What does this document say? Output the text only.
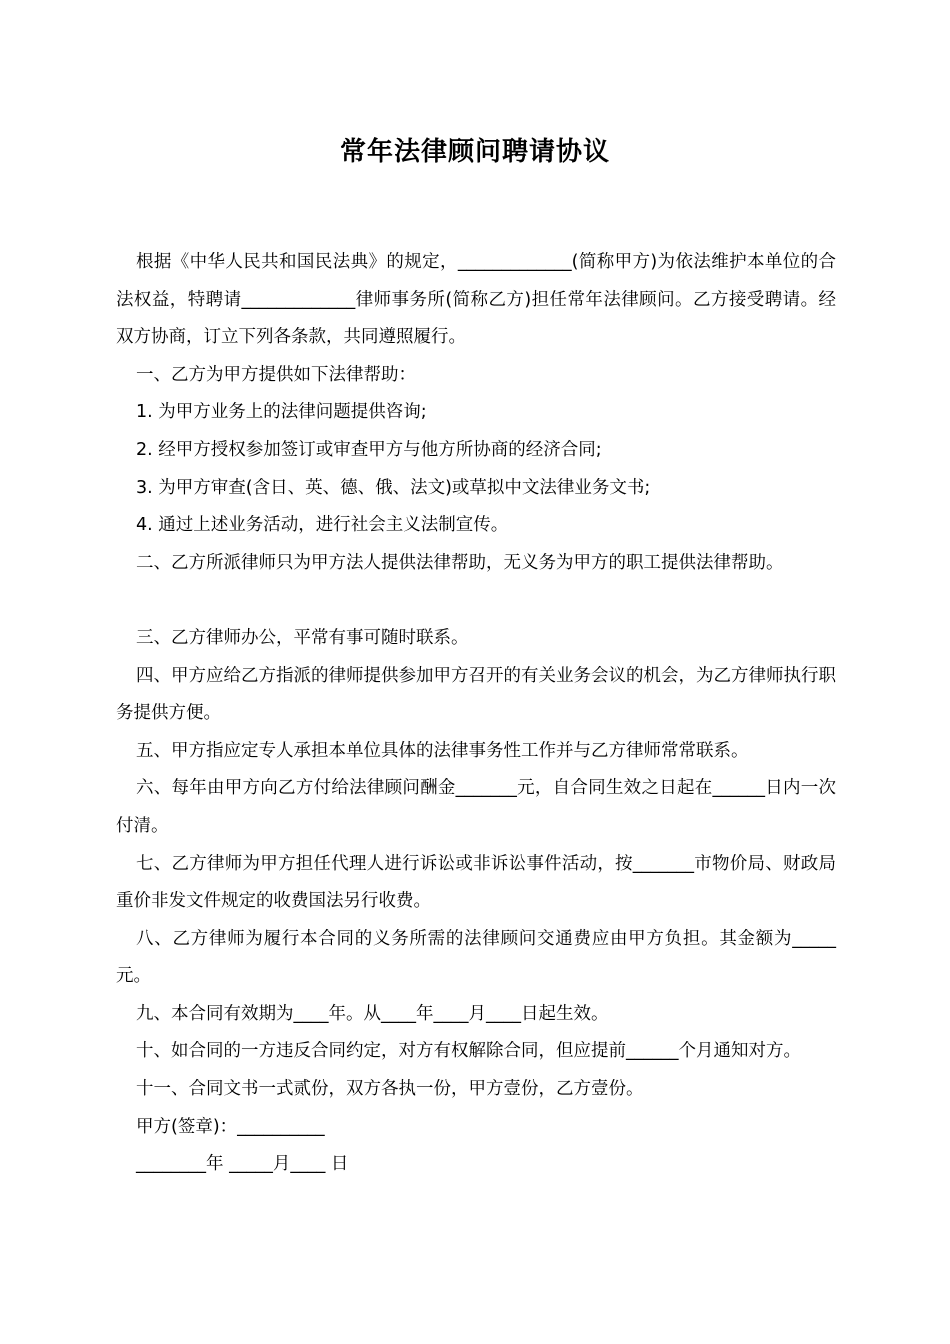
常年法律顾问聘请协议

根据《中华人民共和国民法典》的规定，_____________(简称甲方)为依法维护本单位的合法权益，特聘请_____________律师事务所(简称乙方)担任常年法律顾问。乙方接受聘请。经双方协商，订立下列各条款，共同遵照履行。

一、乙方为甲方提供如下法律帮助：

1. 为甲方业务上的法律问题提供咨询;

2. 经甲方授权参加签订或审查甲方与他方所协商的经济合同;

3. 为甲方审查(含日、英、德、俄、法文)或草拟中文法律业务文书;

4. 通过上述业务活动，进行社会主义法制宣传。

二、乙方所派律师只为甲方法人提供法律帮助，无义务为甲方的职工提供法律帮助。

三、乙方律师办公，平常有事可随时联系。

四、甲方应给乙方指派的律师提供参加甲方召开的有关业务会议的机会，为乙方律师执行职务提供方便。

五、甲方指应定专人承担本单位具体的法律事务性工作并与乙方律师常常联系。

六、每年由甲方向乙方付给法律顾问酬金_______元，自合同生效之日起在______日内一次付清。

七、乙方律师为甲方担任代理人进行诉讼或非诉讼事件活动，按_______市物价局、财政局重价非发文件规定的收费国法另行收费。

八、乙方律师为履行本合同的义务所需的法律顾问交通费应由甲方负担。其金额为_____元。

九、本合同有效期为____年。从____年____月____日起生效。

十、如合同的一方违反合同约定，对方有权解除合同，但应提前______个月通知对方。

十一、合同文书一式贰份，双方各执一份，甲方壹份，乙方壹份。

甲方(签章)：__________

________年 _____月____ 日
